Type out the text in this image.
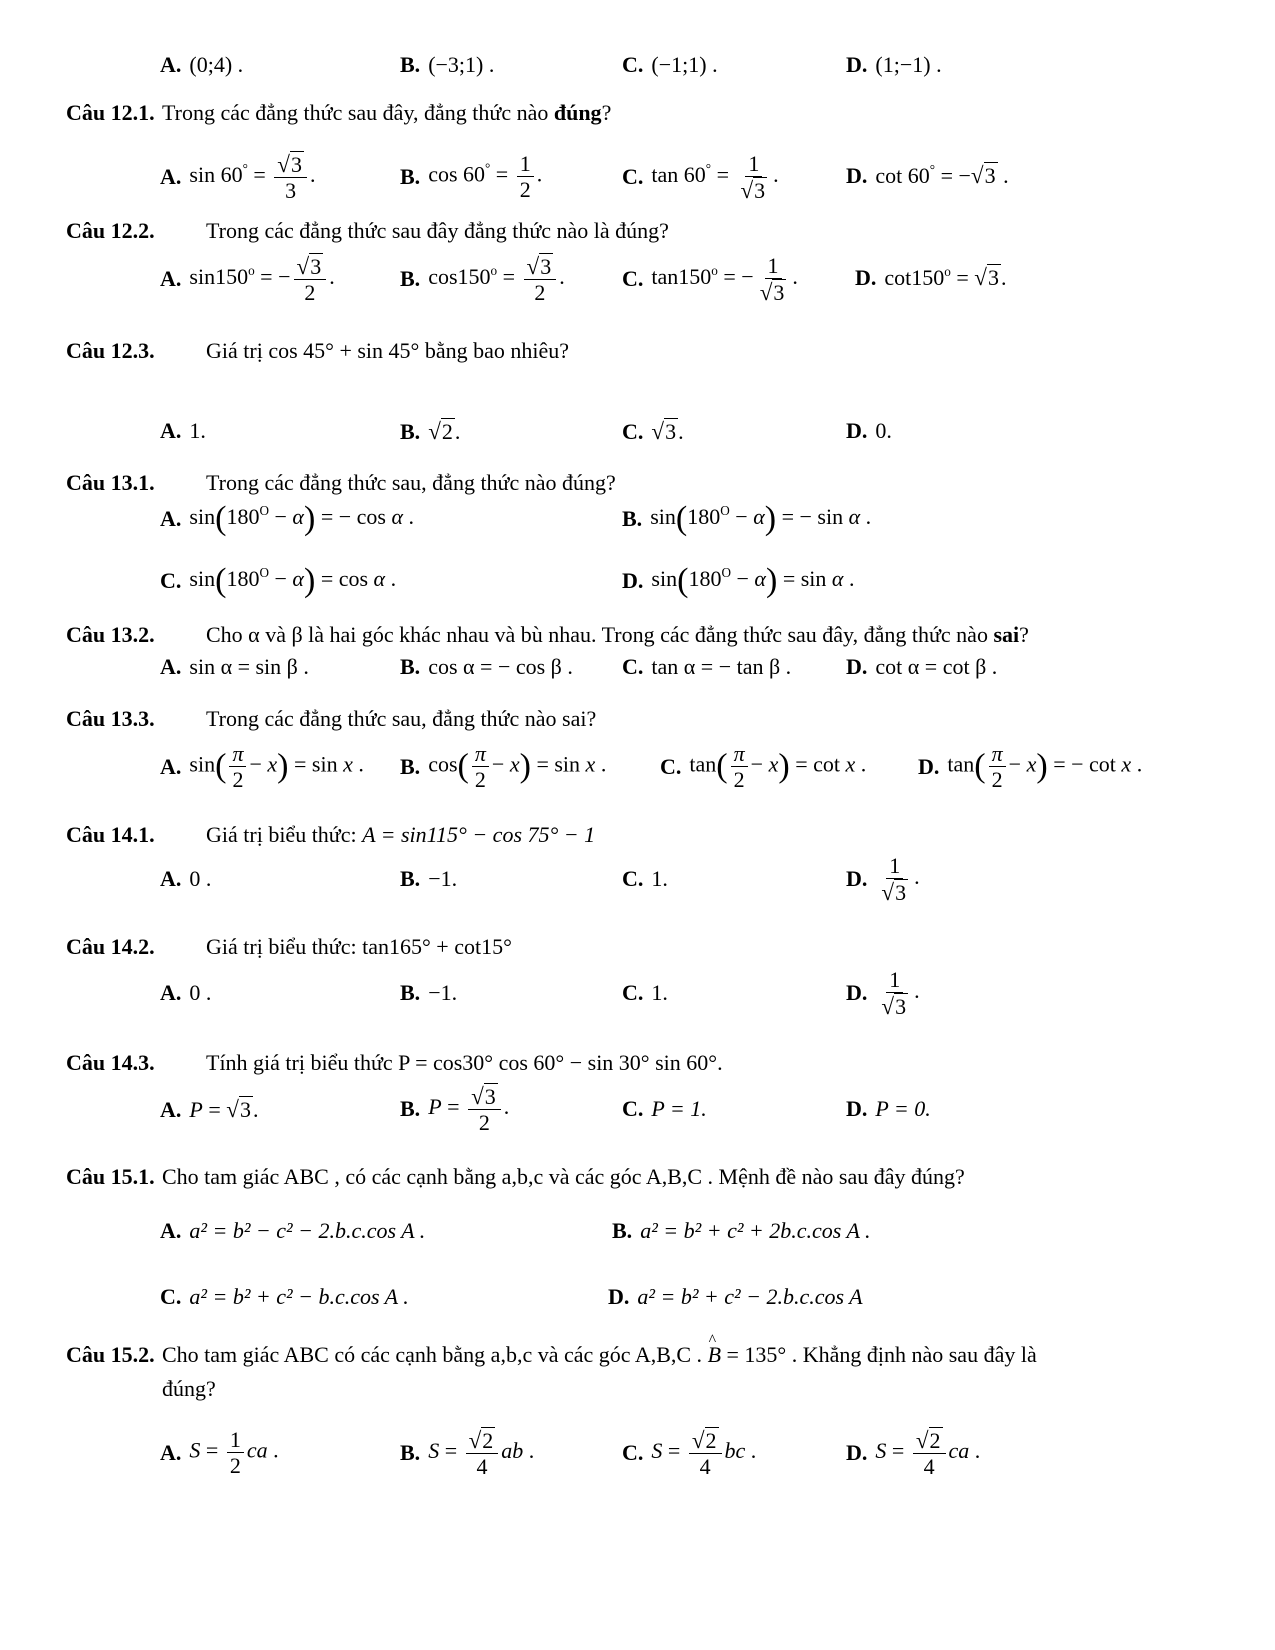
A. (0;4) .	B. (−3;1) .	C. (−1;1) .	D. (1;−1) .
Câu 12.1. Trong các đẳng thức sau đây, đẳng thức nào đúng?
A. $\sin 60^\circ = \frac{√3}{3}$ .	B. $\cos 60^\circ = \frac{1}{2}$ .	C. $\tan 60^\circ = \frac{1}{√3}$ .	D. cot 60° = −√3 .
Câu 12.2. Trong các đẳng thức sau đây đẳng thức nào là đúng?
A. $\sin 150^o$ = − $\frac{√3}{2}$ .	B. $\cos 150^o = \frac{√3}{2}$ .	C. $\tan 150^o$ = − $\frac{1}{√3}$ .	D. $\cot 150^o = √3$.
Câu 12.3. Giá trị cos 45° + sin 45° bằng bao nhiêu?
A. 1.	B. √2.	C. √3.	D. 0.
Câu 13.1. Trong các đẳng thức sau, đẳng thức nào đúng?
A. $\sin(180^O - \alpha)$ = − cos α .	B. $\sin(180^O - \alpha)$ = − sin α .
C. $\sin(180^O - \alpha) = \cos \alpha$ .	D. $\sin(180^O - \alpha) = \sin \alpha$ .
Câu 13.2. Cho α và β là hai góc khác nhau và bù nhau. Trong các đẳng thức sau đây, đẳng thức nào sai?
A. sin α = sin β .	B. cos α = − cos β . C. tan α = − tan β . D. cot α = cot β .
Câu 13.3. Trong các đẳng thức sau, đẳng thức nào sai?
A. $\sin( \frac{\pi}{2} - x) = \sin x$ . B. $\cos( \frac{\pi}{2} - x) = \sin x$ . C. $\tan( \frac{\pi}{2} - x) = \cot x$ . D. $\tan( \frac{\pi}{2} - x)$ = − cot x .
Câu 14.1. Giá trị biểu thức: A = sin115° − cos 75° − 1
A. 0 .	B. −1.	C. 1.	D. $\frac{1}{√3}$ .
Câu 14.2. Giá trị biểu thức: tan165° + cot15°
A. 0 .	B. −1.	C. 1.	D. $\frac{1}{√3}$ .
Câu 14.3. Tính giá trị biểu thức P = cos30° cos 60° − sin 30° sin 60°.
A. P = √3.	B. $P = \frac{√3}{2}$ .	C. P = 1.	D. P = 0.
Câu 15.1. Cho tam giác ABC , có các cạnh bằng a,b,c và các góc A,B,C . Mệnh đề nào sau đây đúng?
A. a² = b² − c² − 2.b.c.cos A .	B. a² = b² + c² + 2b.c.cos A .
C. a² = b² + c² − b.c.cos A .	D. a² = b² + c² − 2.b.c.cos A
Câu 15.2. Cho tam giác ABC có các cạnh bằng a,b,c và các góc A,B,C . ^ B = 135° . Khẳng định nào sau đây là
đúng?
A. $S = \frac{1}{2}$ ca .	B. $S = \frac{√2}{4}$ ab .	C. $S = \frac{√2}{4}$ bc .	D. $S = \frac{√2}{4}$ ca .
